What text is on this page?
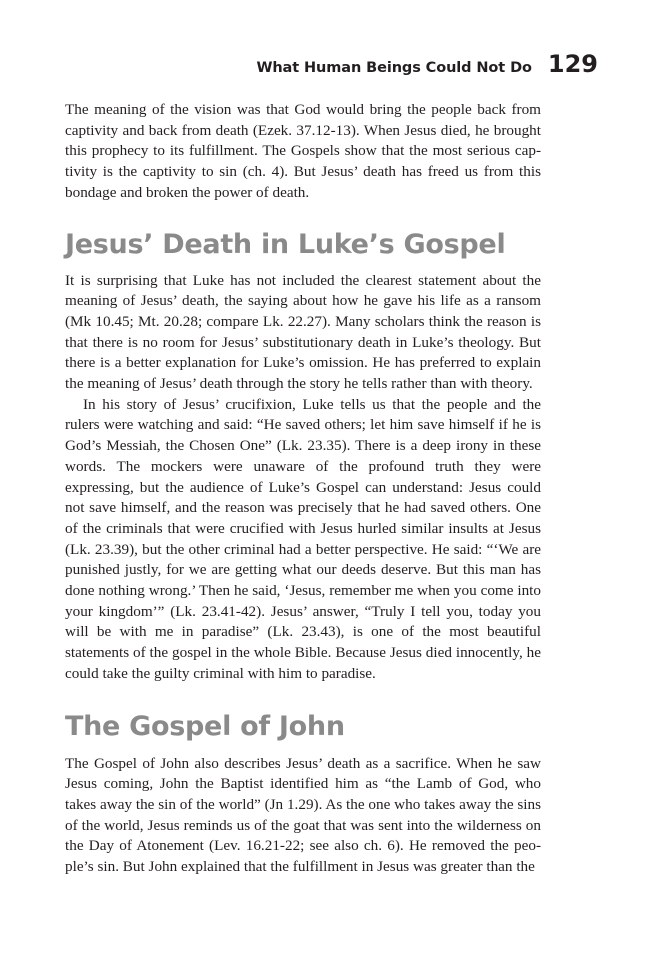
What Human Beings Could Not Do 129

The meaning of the vision was that God would bring the people back from captivity and back from death (Ezek. 37.12-13). When Jesus died, he brought this prophecy to its fulfillment. The Gospels show that the most serious captivity is the captivity to sin (ch. 4). But Jesus’ death has freed us from this bondage and broken the power of death.

Jesus’ Death in Luke’s Gospel

It is surprising that Luke has not included the clearest statement about the meaning of Jesus’ death, the saying about how he gave his life as a ransom (Mk 10.45; Mt. 20.28; compare Lk. 22.27). Many scholars think the reason is that there is no room for Jesus’ substitutionary death in Luke’s theology. But there is a better explanation for Luke’s omission. He has preferred to explain the meaning of Jesus’ death through the story he tells rather than with theory.

In his story of Jesus’ crucifixion, Luke tells us that the people and the rulers were watching and said: “He saved others; let him save himself if he is God’s Messiah, the Chosen One” (Lk. 23.35). There is a deep irony in these words. The mockers were unaware of the profound truth they were expressing, but the audience of Luke’s Gospel can understand: Jesus could not save himself, and the reason was precisely that he had saved others. One of the criminals that were crucified with Jesus hurled similar insults at Jesus (Lk. 23.39), but the other criminal had a better perspective. He said: “‘We are punished justly, for we are getting what our deeds deserve. But this man has done nothing wrong.’ Then he said, ‘Jesus, remember me when you come into your kingdom’” (Lk. 23.41-42). Jesus’ answer, “Truly I tell you, today you will be with me in paradise” (Lk. 23.43), is one of the most beautiful statements of the gospel in the whole Bible. Because Jesus died innocently, he could take the guilty criminal with him to paradise.

The Gospel of John

The Gospel of John also describes Jesus’ death as a sacrifice. When he saw Jesus coming, John the Baptist identified him as “the Lamb of God, who takes away the sin of the world” (Jn 1.29). As the one who takes away the sins of the world, Jesus reminds us of the goat that was sent into the wilderness on the Day of Atonement (Lev. 16.21-22; see also ch. 6). He removed the people’s sin. But John explained that the fulfillment in Jesus was greater than the
